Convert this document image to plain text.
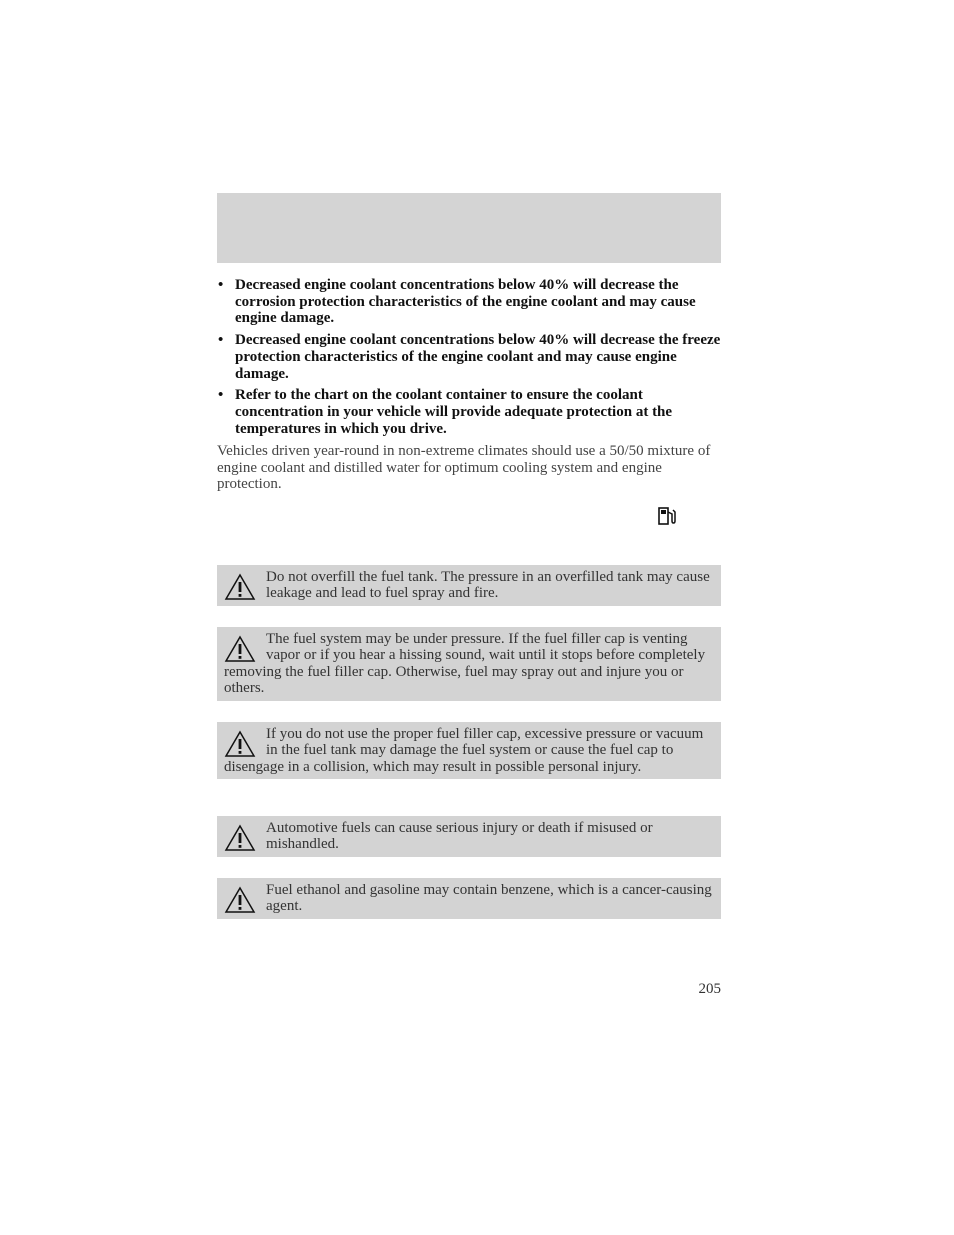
• Decreased engine coolant concentrations below 40% will decrease the corrosion protection characteristics of the engine coolant and may cause engine damage.
• Decreased engine coolant concentrations below 40% will decrease the freeze protection characteristics of the engine coolant and may cause engine damage.
• Refer to the chart on the coolant container to ensure the coolant concentration in your vehicle will provide adequate protection at the temperatures in which you drive.

Vehicles driven year-round in non-extreme climates should use a 50/50 mixture of engine coolant and distilled water for optimum cooling system and engine protection.

Do not overfill the fuel tank. The pressure in an overfilled tank may cause leakage and lead to fuel spray and fire.
The fuel system may be under pressure. If the fuel filler cap is venting vapor or if you hear a hissing sound, wait until it stops before completely removing the fuel filler cap. Otherwise, fuel may spray out and injure you or others.
If you do not use the proper fuel filler cap, excessive pressure or vacuum in the fuel tank may damage the fuel system or cause the fuel cap to disengage in a collision, which may result in possible personal injury.
Automotive fuels can cause serious injury or death if misused or mishandled.
Fuel ethanol and gasoline may contain benzene, which is a cancer-causing agent.
205
